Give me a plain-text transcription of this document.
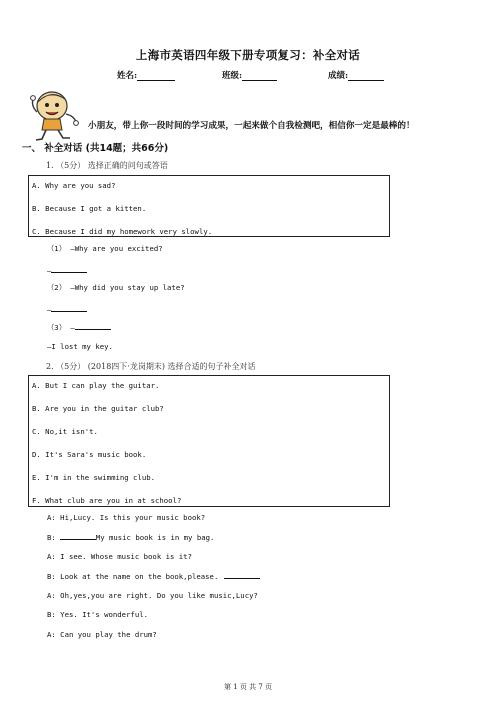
上海市英语四年级下册专项复习：补全对话
姓名:	班级:	成绩:
小朋友，带上你一段时间的学习成果，一起来做个自我检测吧，相信你一定是最棒的！
一、 补全对话 (共14题；共66分)
1. （5分） 选择正确的问句或答语
A. Why are you sad?
B. Because I got a kitten.
C. Because I did my homework very slowly.
（1） —Why are you excited?
—
（2） —Why did you stay up late?
—
（3） —
—I lost my key.
2. （5分） (2018四下·龙岗期末) 选择合适的句子补全对话
A. But I can play the guitar.
B. Are you in the guitar club?
C. No,it isn't.
D. It's Sara's music book.
E. I'm in the swimming club.
F. What club are you in at school?
A: Hi,Lucy. Is this your music book?
B:	My music book is in my bag.
A: I see. Whose music book is it?
B: Look at the name on the book,please.
A: Oh,yes,you are right. Do you like music,Lucy?
B: Yes. It's wonderful.
A: Can you play the drum?
第 1 页 共 7 页
